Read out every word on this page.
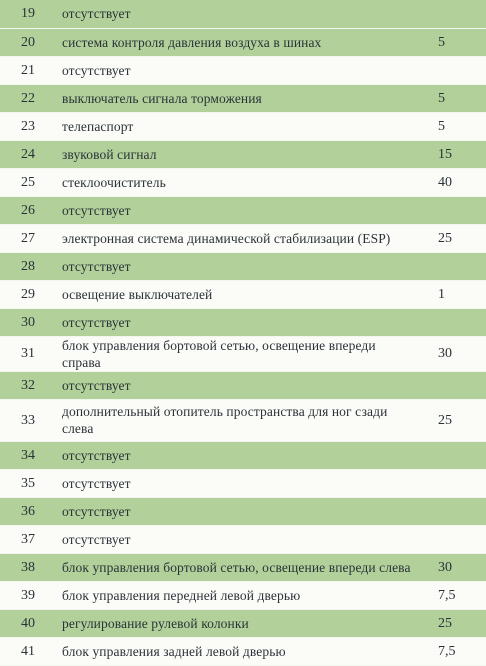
19	отсутствует	
20	система контроля давления воздуха в шинах	5
21	отсутствует	
22	выключатель сигнала торможения	5
23	телепаспорт	5
24	звуковой сигнал	15
25	стеклоочиститель	40
26	отсутствует	
27	электронная система динамической стабилизации (ESP)	25
28	отсутствует	
29	освещение выключателей	1
30	отсутствует	
31	блок управления бортовой сетью, освещение впереди справа	30
32	отсутствует	
33	дополнительный отопитель пространства для ног сзади слева	25
34	отсутствует	
35	отсутствует	
36	отсутствует	
37	отсутствует	
38	блок управления бортовой сетью, освещение впереди слева	30
39	блок управления передней левой дверью	7,5
40	регулирование рулевой колонки	25
41	блок управления задней левой дверью	7,5
